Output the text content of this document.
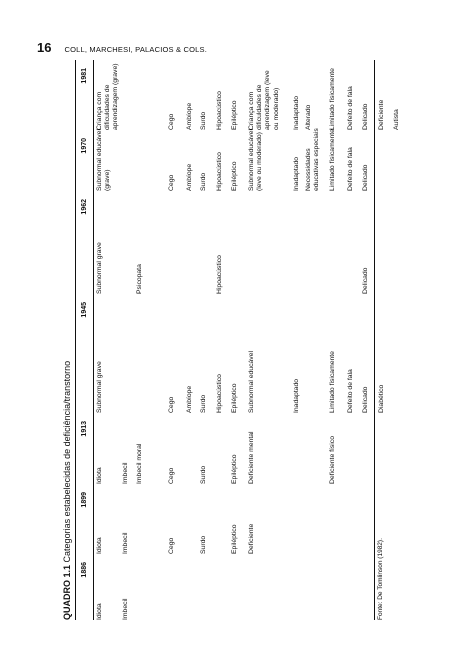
16 COLL, MARCHESI, PALACIOS & COLS.
QUADRO 1.1 Categorias estabelecidas de deficiência/transtorno
1886
1899
1913
1945
1962
1970
1981
Idiota
Idiota
Idiota
Subnormal grave
Subnormal grave
Subnormal educável
(grave)
Criança com
dificuldades de
aprendizagem (grave)
Imbecil
Imbecil
Imbecil Imbecil moral
Psicopata
Cego
Cego
Cego
Cego
Cego
Ambíope
Ambíope
Ambíope
Surdo
Surdo
Surdo
Surdo
Surdo
Hipoacústico
Hipoacústico
Hipoacústico
Hipoacústico
Epiléptico
Epiléptico
Epiléptico
Epiléptico
Epiléptico
Deficiente
Deficiente mental
Subnormal educável
Subnormal educável
(leve ou moderado)
Criança com
dificuldades de
aprendizagem (leve
ou moderado)
Inadaptado
Inadaptado
Inadaptado
Necessidades
educativas especiais
Alterado
Deficiente físico
Limitado fisicamente
Limitado fisicamente
Limitado fisicamente
Defeito de fala
Defeito de fala
Defeito de fala
Delicado
Delicado
Delicado
Delicado
Diabético
Deficiente Autista
Fonte: De Tomlinson (1982).
